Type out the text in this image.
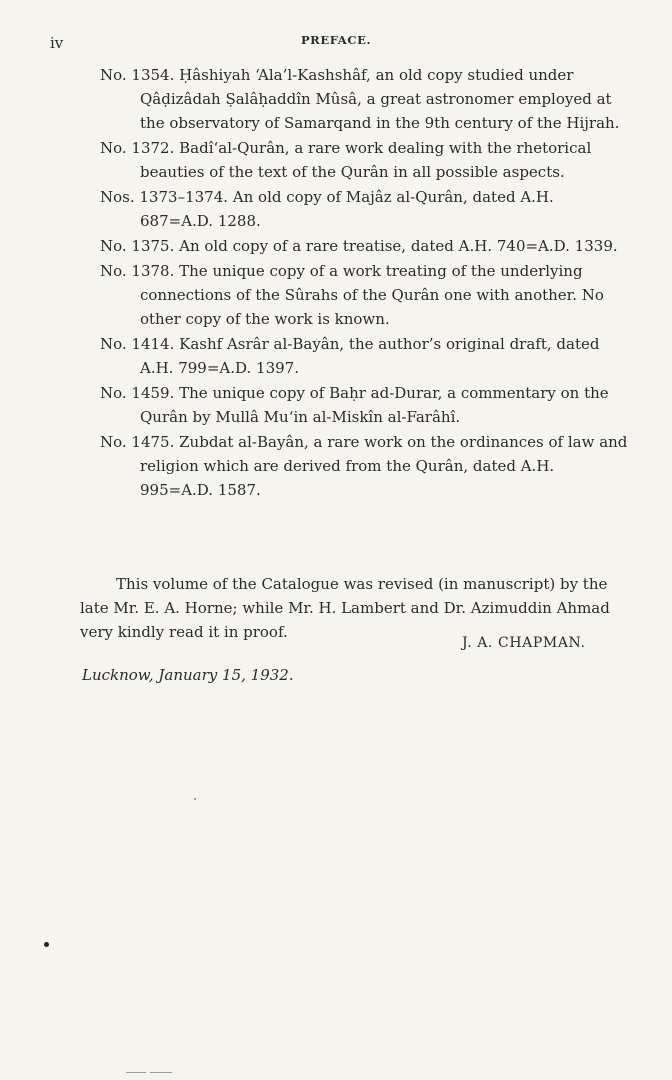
iv	PREFACE.

No. 1354. Ḥâshiyah ‘Ala’l-Kashshâf, an old copy studied under Qâḍizâdah Ṣalâḥaddîn Mûsâ, a great astronomer employed at the observatory of Samarqand in the 9th century of the Hijrah.

No. 1372. Badî‘al-Qurân, a rare work dealing with the rhetorical beauties of the text of the Qurân in all possible aspects.

Nos. 1373–1374. An old copy of Majâz al-Qurân, dated A.H. 687=A.D. 1288.

No. 1375. An old copy of a rare treatise, dated A.H. 740=A.D. 1339.

No. 1378. The unique copy of a work treating of the underlying connections of the Sûrahs of the Qurân one with another. No other copy of the work is known.

No. 1414. Kashf Asrâr al-Bayân, the author’s original draft, dated A.H. 799=A.D. 1397.

No. 1459. The unique copy of Baḥr ad-Durar, a commentary on the Qurân by Mullâ Mu‘in al-Miskîn al-Farâhî.

No. 1475. Zubdat al-Bayân, a rare work on the ordinances of law and religion which are derived from the Qurân, dated A.H. 995=A.D. 1587.

This volume of the Catalogue was revised (in manuscript) by the late Mr. E. A. Horne; while Mr. H. Lambert and Dr. Azimuddin Ahmad very kindly read it in proof.

J. A. CHAPMAN.
Lucknow, January 15, 1932.
